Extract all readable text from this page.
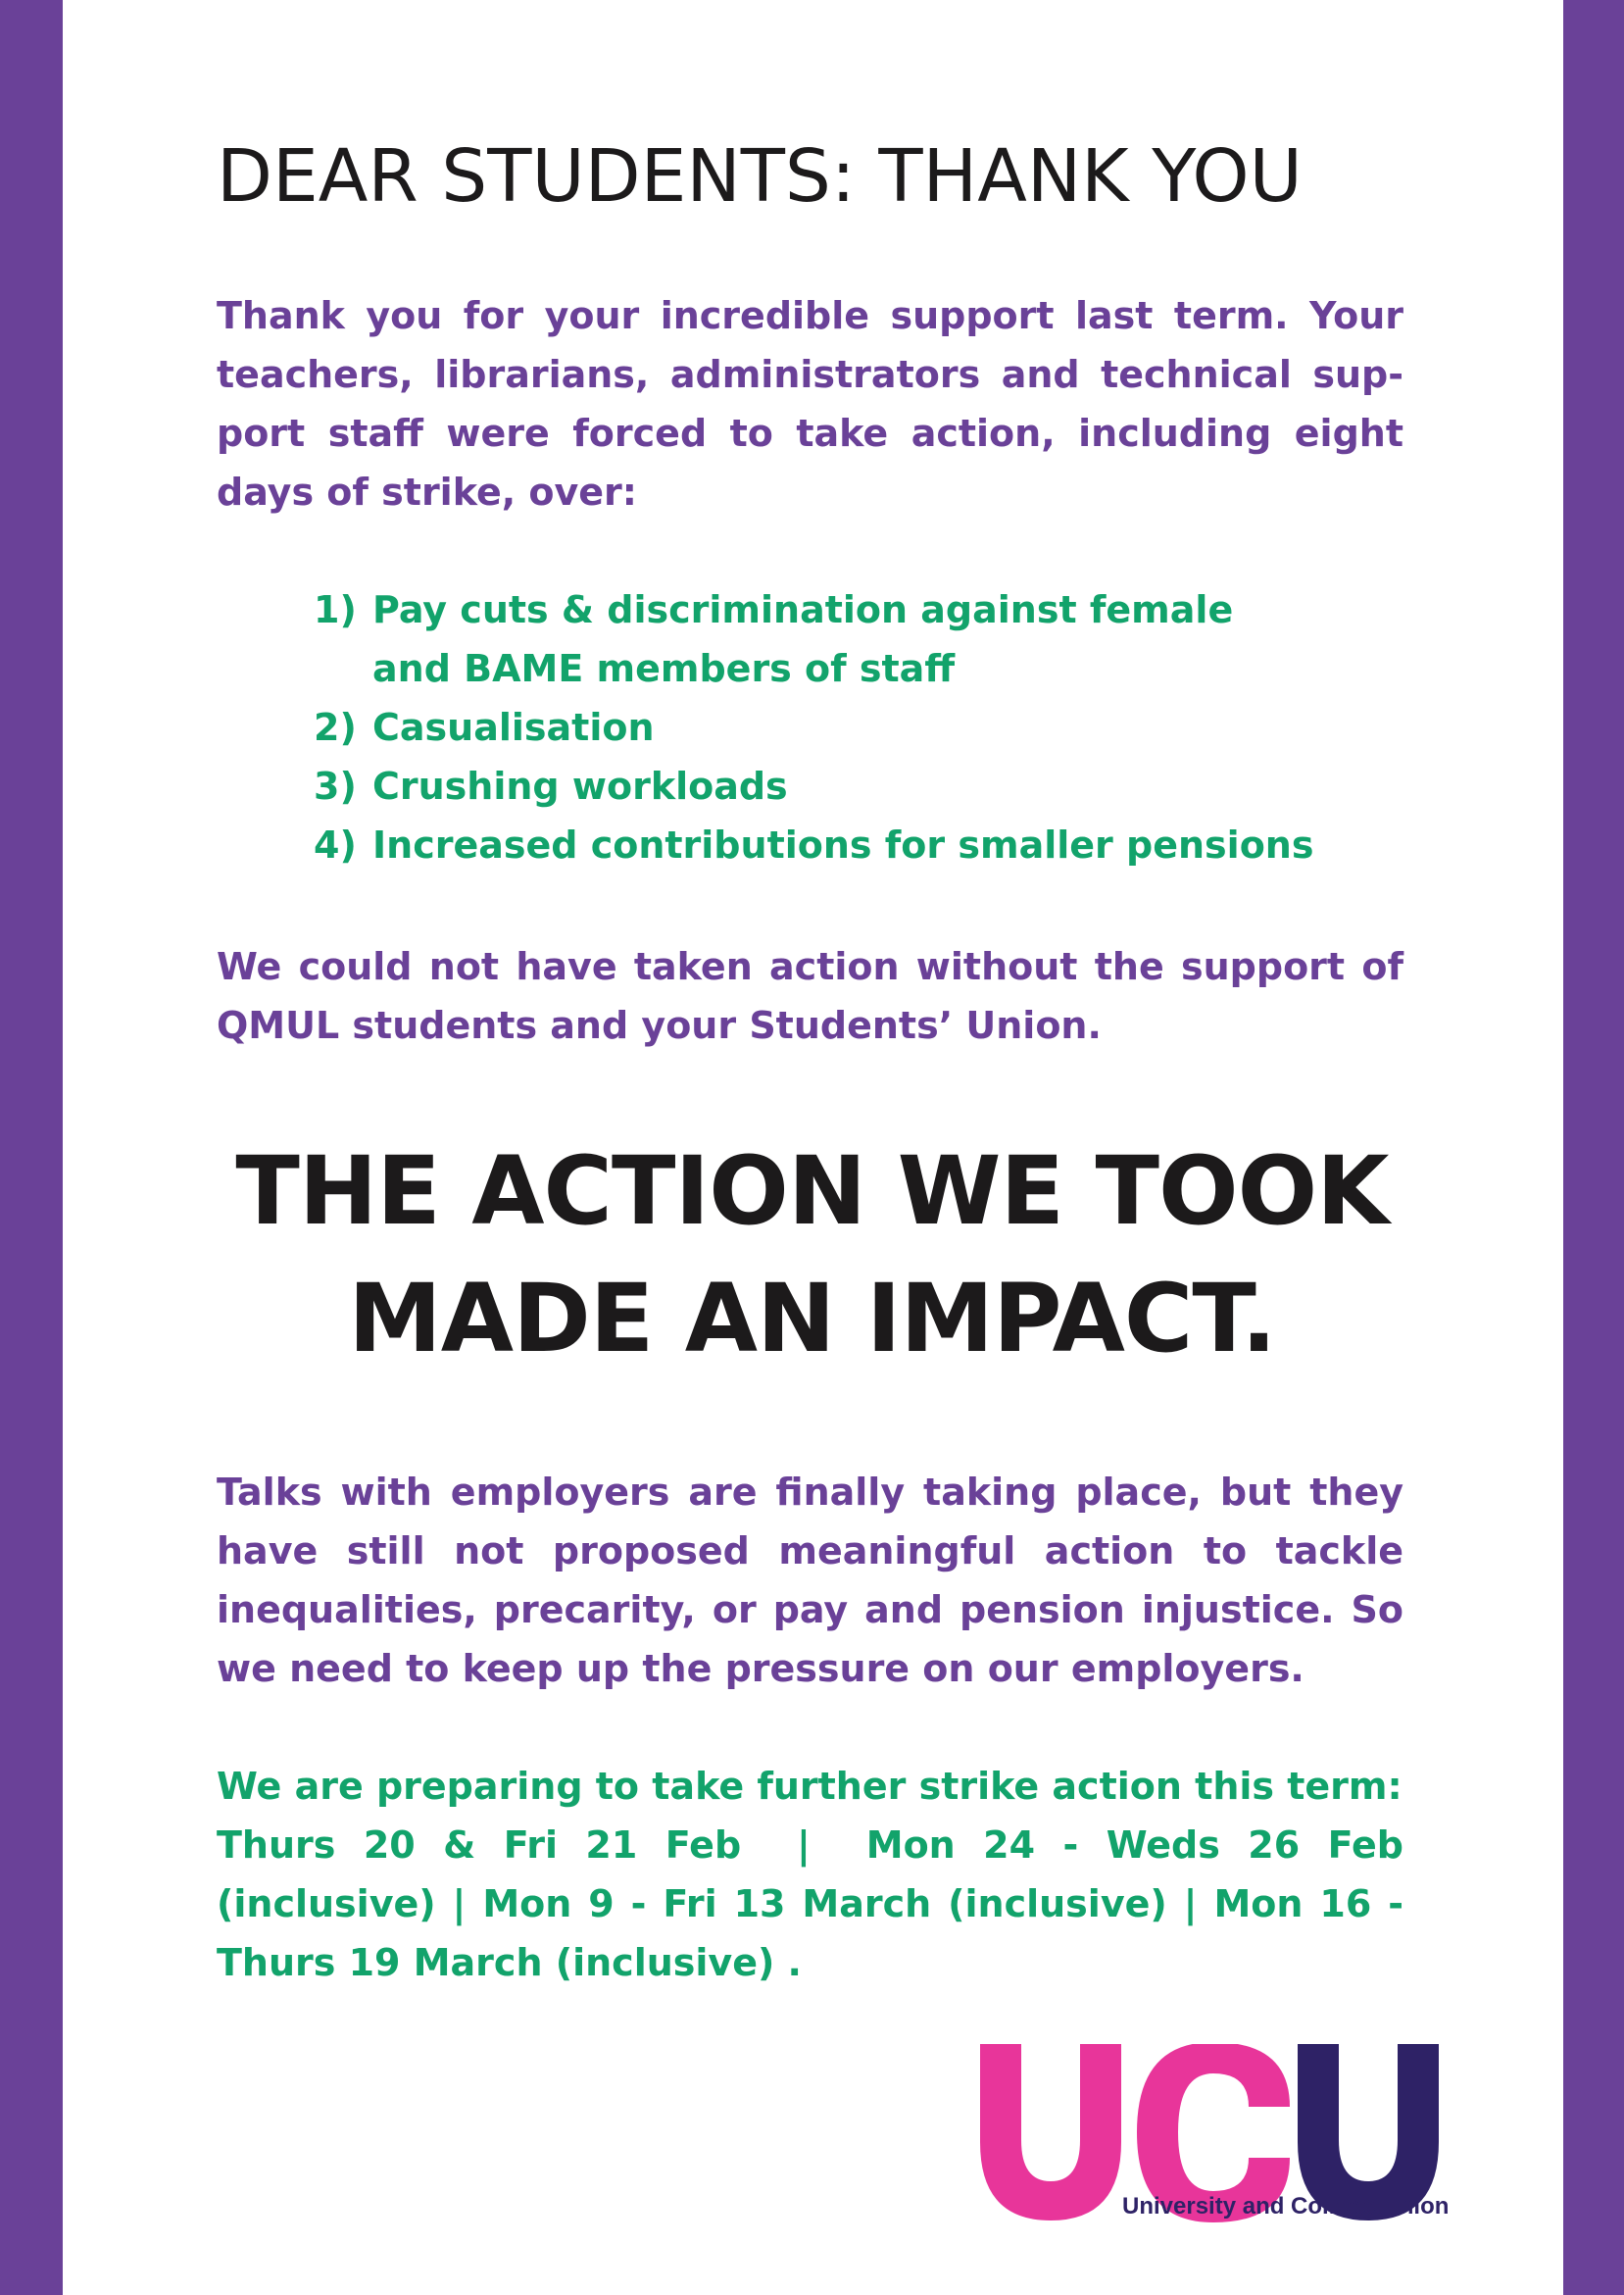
DEAR STUDENTS: THANK YOU

Thank you for your incredible support last term. Your teachers, librarians, administrators and technical sup-port staff were forced to take action, including eight days of strike, over:

1) Pay cuts & discrimination against female
and BAME members of staff
2) Casualisation
3) Crushing workloads
4) Increased contributions for smaller pensions

We could not have taken action without the support of QMUL students and your Students’ Union.

THE ACTION WE TOOK
MADE AN IMPACT.

Talks with employers are finally taking place, but they have still not proposed meaningful action to tackle inequalities, precarity, or pay and pension injustice. So we need to keep up the pressure on our employers.

We are preparing to take further strike action this term:

Thurs 20 & Fri 21 Feb  |  Mon 24 - Weds 26 Feb (inclusive) | Mon 9 - Fri 13 March (inclusive) | Mon 16 - Thurs 19 March (inclusive) .

University and College Union
